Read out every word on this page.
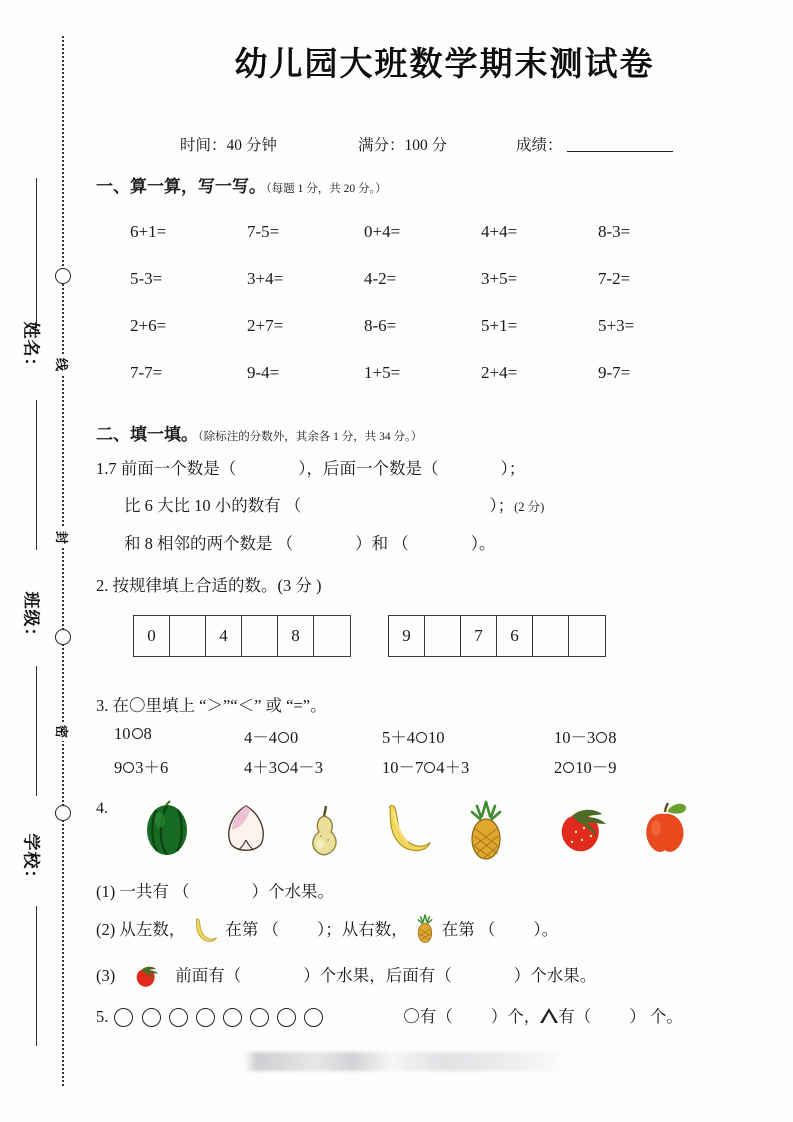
姓名：
班级：
学校：
线
封
密
幼儿园大班数学期末测试卷
时间：40 分钟	满分：100 分	成绩：
一、算一算，写一写。（每题 1 分，共 20 分。）
6+1=	7-5=	0+4=	4+4=	8-3=
5-3=	3+4=	4-2=	3+5=	7-2=
2+6=	2+7=	8-6=	5+1=	5+3=
7-7=	9-4=	1+5=	2+4=	9-7=
二、填一填。（除标注的分数外，其余各 1 分，共 34 分。）
1.7 前面一个数是（	），后面一个数是（	）；
比 6 大比 10 小的数有 （	）；(2 分)
和 8 相邻的两个数是 （	）和 （	）。
2. 按规律填上合适的数。(3 分 )
0	4	8	9	7	6
3. 在〇里填上 “＞”“＜” 或 “=”。
10 8	4－4 0	5＋4 10	10－3 8
9 3＋6	4＋3 4－3	10－7 4＋3	2 10－9
4.
(1) 一共有 （	）个水果。
(2) 从左数， 在第 （ ）；从右数， 在第 （ ）。
(3)	前面有（	）个水果，后面有（	）个水果。
5.	〇有（ ）个， 有（ ） 个。
